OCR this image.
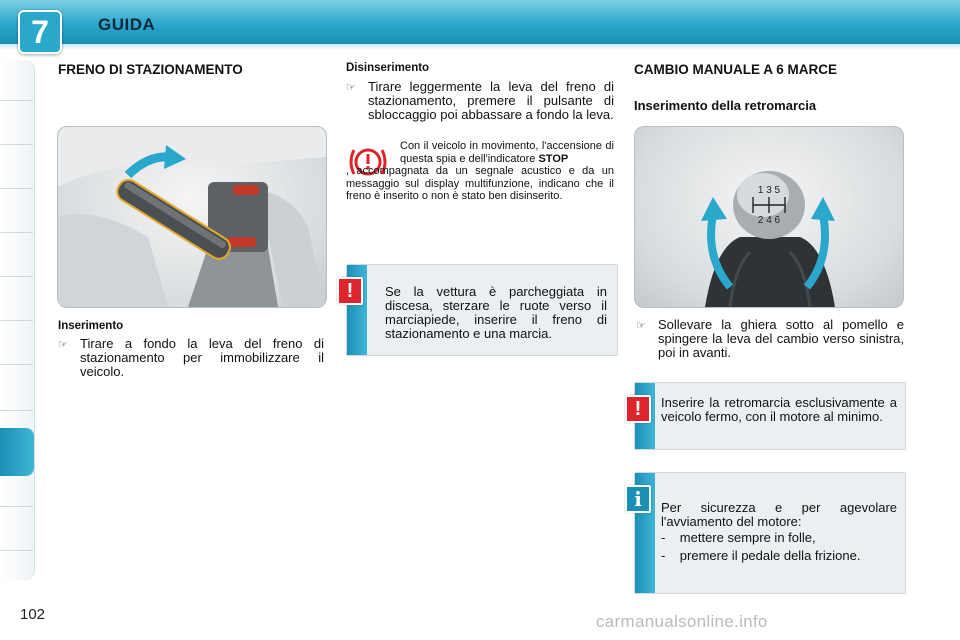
7	GUIDA
FRENO DI STAZIONAMENTO
Inserimento
☞ Tirare a fondo la leva del freno di stazionamento per immobilizzare il veicolo.
Disinserimento
☞ Tirare leggermente la leva del freno di stazionamento, premere il pulsante di sbloccaggio poi abbassare a fondo la leva.
Con il veicolo in movimento, l'accensione di questa spia e dell'indicatore STOP
, accompagnata da un segnale acustico e da un messaggio sul display multifunzione, indicano che il freno è inserito o non è stato ben disinserito.
!	Se la vettura è parcheggiata in discesa, sterzare le ruote verso il marciapiede, inserire il freno di stazionamento e una marcia.
CAMBIO MANUALE A 6 MARCE
Inserimento della retromarcia
1 3 5
2 4 6
☞ Sollevare la ghiera sotto al pomello e spingere la leva del cambio verso sinistra, poi in avanti.
!	Inserire la retromarcia esclusivamente a veicolo fermo, con il motore al minimo.
i	Per sicurezza e per agevolare l'avviamento del motore:
-    mettere sempre in folle,
-    premere il pedale della frizione.
102	carmanualsonline.info
